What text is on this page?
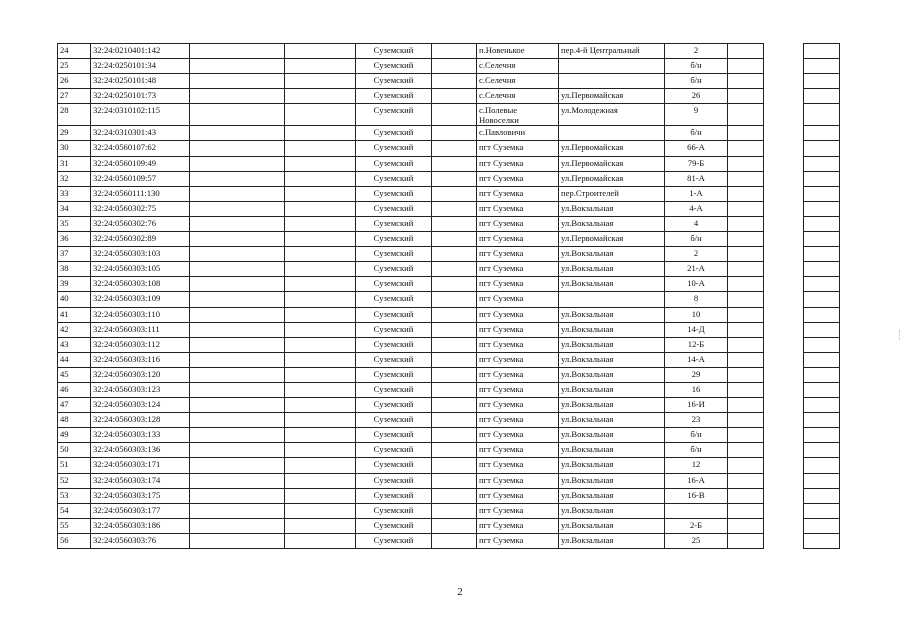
24	32:24:0210401:142			Суземский		п.Новенькое	пер.4-й Центральный	2			
25	32:24:0250101:34			Суземский		с.Селечня		б/н			
26	32:24:0250101:48			Суземский		с.Селечня		б/н			
27	32:24:0250101:73			Суземский		с.Селечня	ул.Первомайская	26			
28	32:24:0310102:115			Суземский		с.Полевые Новоселки	ул.Молодежная	9			
29	32:24:0310301:43			Суземский		с.Павловичи		б/н			
30	32:24:0560107:62			Суземский		пгт Суземка	ул.Первомайская	66-А			
31	32:24:0560109:49			Суземский		пгт Суземка	ул.Первомайская	79-Б			
32	32:24:0560109:57			Суземский		пгт Суземка	ул.Первомайская	81-А			
33	32:24:0560111:130			Суземский		пгт Суземка	пер.Строителей	1-А			
34	32:24:0560302:75			Суземский		пгт Суземка	ул.Вокзальная	4-А			
35	32:24:0560302:76			Суземский		пгт Суземка	ул.Вокзальная	4			
36	32:24:0560302:89			Суземский		пгт Суземка	ул.Первомайская	б/н			
37	32:24:0560303:103			Суземский		пгт Суземка	ул.Вокзальная	2			
38	32:24:0560303:105			Суземский		пгт Суземка	ул.Вокзальная	21-А			
39	32:24:0560303:108			Суземский		пгт Суземка	ул.Вокзальная	10-А			
40	32:24:0560303:109			Суземский		пгт Суземка		8			
41	32:24:0560303:110			Суземский		пгт Суземка	ул.Вокзальная	10			
42	32:24:0560303:111			Суземский		пгт Суземка	ул.Вокзальная	14-Д			
43	32:24:0560303:112			Суземский		пгт Суземка	ул.Вокзальная	12-Б			
44	32:24:0560303:116			Суземский		пгт Суземка	ул.Вокзальная	14-А			
45	32:24:0560303:120			Суземский		пгт Суземка	ул.Вокзальная	29			
46	32:24:0560303:123			Суземский		пгт Суземка	ул.Вокзальная	16			
47	32:24:0560303:124			Суземский		пгт Суземка	ул.Вокзальная	16-И			
48	32:24:0560303:128			Суземский		пгт Суземка	ул.Вокзальная	23			
49	32:24:0560303:133			Суземский		пгт Суземка	ул.Вокзальная	б/н			
50	32:24:0560303:136			Суземский		пгт Суземка	ул.Вокзальная	б/н			
51	32:24:0560303:171			Суземский		пгт Суземка	ул.Вокзальная	12			
52	32:24:0560303:174			Суземский		пгт Суземка	ул.Вокзальная	16-А			
53	32:24:0560303:175			Суземский		пгт Суземка	ул.Вокзальная	16-В			
54	32:24:0560303:177			Суземский		пгт Суземка	ул.Вокзальная				
55	32:24:0560303:186			Суземский		пгт Суземка	ул.Вокзальная	2-Б			
56	32:24:0560303:76			Суземский		пгт Суземка	ул.Вокзальная	25			
2
